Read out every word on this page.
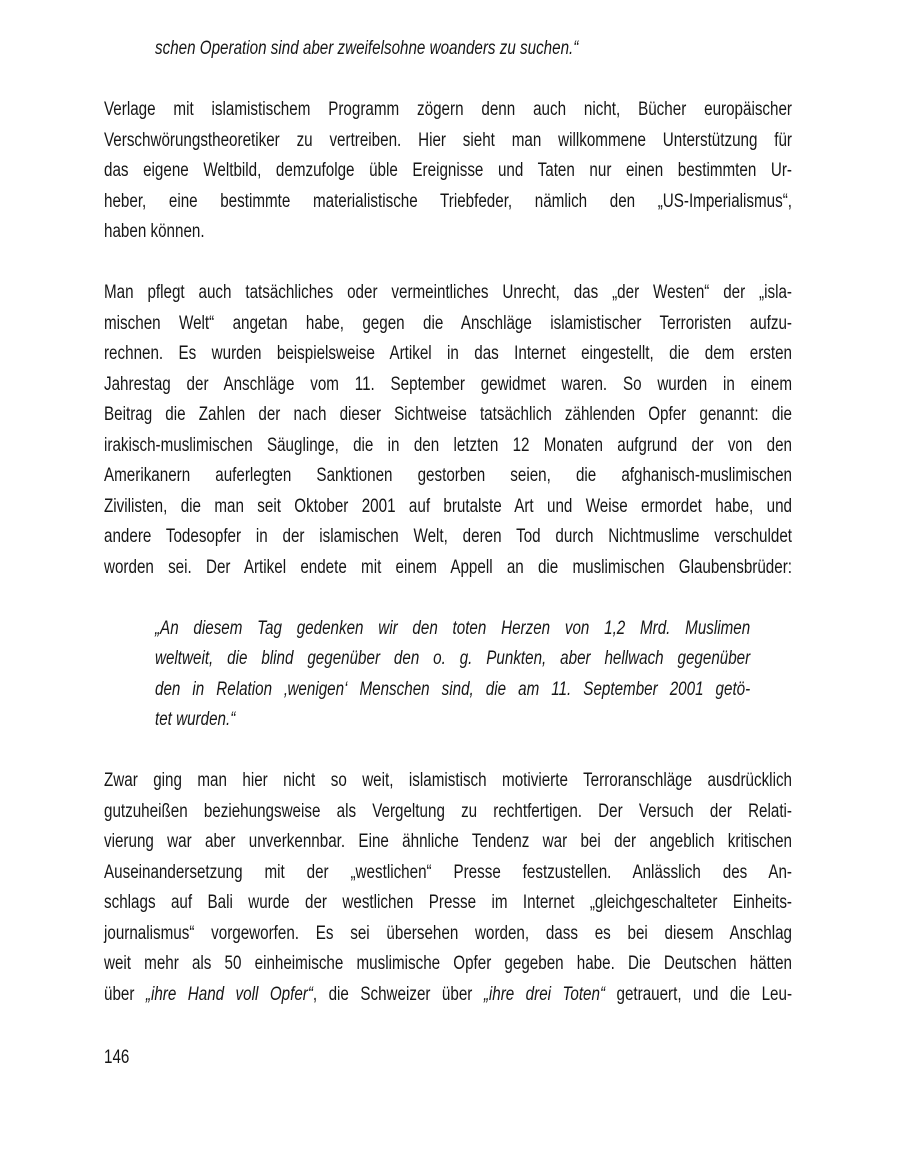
schen Operation sind aber zweifelsohne woanders zu suchen.“
Verlage mit islamistischem Programm zögern denn auch nicht, Bücher europäischer
Verschwörungstheoretiker zu vertreiben. Hier sieht man willkommene Unterstützung für
das eigene Weltbild, demzufolge üble Ereignisse und Taten nur einen bestimmten Ur-
heber, eine bestimmte materialistische Triebfeder, nämlich den „US-Imperialismus“,
haben können.
Man pflegt auch tatsächliches oder vermeintliches Unrecht, das „der Westen“ der „isla-
mischen Welt“ angetan habe, gegen die Anschläge islamistischer Terroristen aufzu-
rechnen. Es wurden beispielsweise Artikel in das Internet eingestellt, die dem ersten
Jahrestag der Anschläge vom 11. September gewidmet waren. So wurden in einem
Beitrag die Zahlen der nach dieser Sichtweise tatsächlich zählenden Opfer genannt: die
irakisch-muslimischen Säuglinge, die in den letzten 12 Monaten aufgrund der von den
Amerikanern auferlegten Sanktionen gestorben seien, die afghanisch-muslimischen
Zivilisten, die man seit Oktober 2001 auf brutalste Art und Weise ermordet habe, und
andere Todesopfer in der islamischen Welt, deren Tod durch Nichtmuslime verschuldet
worden sei. Der Artikel endete mit einem Appell an die muslimischen Glaubensbrüder:
„An diesem Tag gedenken wir den toten Herzen von 1,2 Mrd. Muslimen
weltweit, die blind gegenüber den o. g. Punkten, aber hellwach gegenüber
den in Relation ‚wenigen‘ Menschen sind, die am 11. September 2001 getö-
tet wurden.“
Zwar ging man hier nicht so weit, islamistisch motivierte Terroranschläge ausdrücklich
gutzuheißen beziehungsweise als Vergeltung zu rechtfertigen. Der Versuch der Relati-
vierung war aber unverkennbar. Eine ähnliche Tendenz war bei der angeblich kritischen
Auseinandersetzung mit der „westlichen“ Presse festzustellen. Anlässlich des An-
schlags auf Bali wurde der westlichen Presse im Internet „gleichgeschalteter Einheits-
journalismus“ vorgeworfen. Es sei übersehen worden, dass es bei diesem Anschlag
weit mehr als 50 einheimische muslimische Opfer gegeben habe. Die Deutschen hätten
über „ihre Hand voll Opfer“, die Schweizer über „ihre drei Toten“ getrauert, und die Leu-
146
